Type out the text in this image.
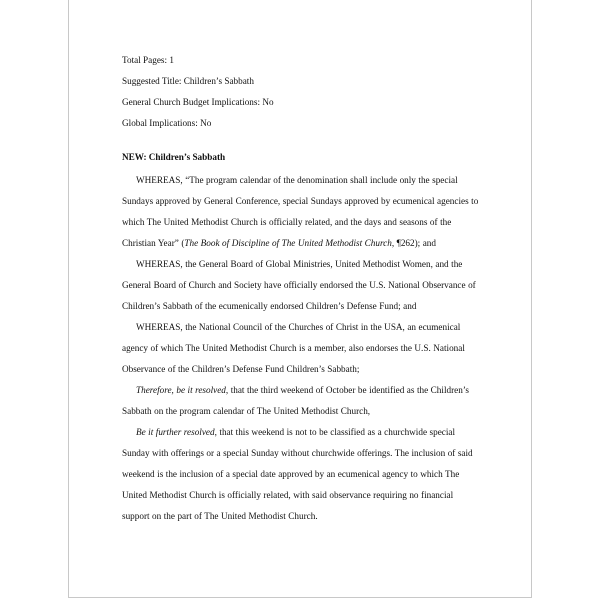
Total Pages: 1
Suggested Title: Children’s Sabbath
General Church Budget Implications: No
Global Implications: No
NEW: Children’s Sabbath
WHEREAS, “The program calendar of the denomination shall include only the special
Sundays approved by General Conference, special Sundays approved by ecumenical agencies to
which The United Methodist Church is officially related, and the days and seasons of the
Christian Year” (The Book of Discipline of The United Methodist Church, ¶262); and
WHEREAS, the General Board of Global Ministries, United Methodist Women, and the
General Board of Church and Society have officially endorsed the U.S. National Observance of
Children’s Sabbath of the ecumenically endorsed Children’s Defense Fund; and
WHEREAS, the National Council of the Churches of Christ in the USA, an ecumenical
agency of which The United Methodist Church is a member, also endorses the U.S. National
Observance of the Children’s Defense Fund Children’s Sabbath;
Therefore, be it resolved, that the third weekend of October be identified as the Children’s
Sabbath on the program calendar of The United Methodist Church,
Be it further resolved, that this weekend is not to be classified as a churchwide special
Sunday with offerings or a special Sunday without churchwide offerings. The inclusion of said
weekend is the inclusion of a special date approved by an ecumenical agency to which The
United Methodist Church is officially related, with said observance requiring no financial
support on the part of The United Methodist Church.
